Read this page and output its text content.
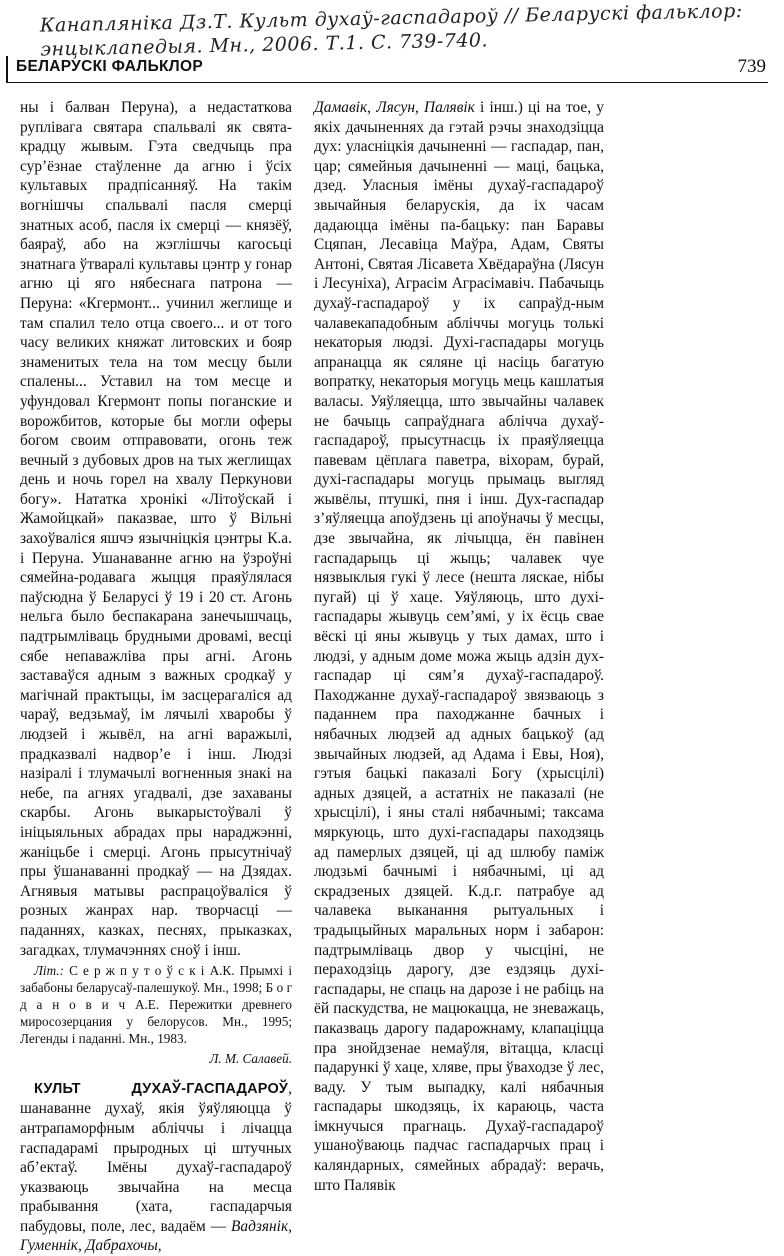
Канапляніка Дз.Т. Культ духаў-гаспадароў // Беларускі фальклор: энцыклапедыя. Мн., 2006. Т.1. С. 739-740.
БЕЛАРУСКІ ФАЛЬКЛОР	739

ны і балван Перуна), а недастаткова руплівага святара спальвалі як свята-крадцу жывым. Гэта сведчыць пра сур’ёзнае стаўленне да агню і ўсіх культавых прадпісанняў. На такім вогнішчы спальвалі пасля смерці знатных асоб, пасля іх смерці — князёў, баяраў, або на жэглішчы кагосьці знатнага ўтваралі культавы цэнтр у гонар агню ці яго нябеснага патрона — Перуна: «Кгермонт... учинил жеглище и там спалил тело отца своего... и от того часу великих княжат литовских и бояр знаменитых тела на том месцу были спалены... Уставил на том месце и уфундовал Кгермонт попы поганские и ворожбитов, которые бы могли оферы богом своим отправовати, огонь теж вечный з дубовых дров на тых жеглищах день и ночь горел на хвалу Перкунови богу». Нататкa хронікі «Літоўскай і Жамойцкай» паказвае, што ў Вільні захоўваліся яшчэ язычніцкія цэнтры К.а. і Перуна. Ушанаванне агню на ўзроўні сямейна-родавага жыцця праяўлялася паўсюдна ў Беларусі ў 19 і 20 ст. Агонь нельга было беспакарана занечышчаць, падтрымліваць брудными дровамі, весці сябе непаважліва пры агні. Агонь заставаўся адным з важных сродкаў у магічнай практыцы, ім засцерагаліся ад чараў, ведзьмаў, ім лячылі хваробы ў людзей і жывёл, на агні варажылі, прадказвалі надвор’е і інш. Людзі назіралі і тлумачылі вогненныя знакі на небе, па агнях угадвалі, дзе захаваны скарбы. Агонь выкарыстоўвалі ў ініцыяльных абрадах пры нараджэнні, жаніцьбе і смерці. Агонь прысутнічаў пры ўшанаванні продкаў — на Дзядах. Агнявыя матывы распрацоўваліся ў розных жанрах нар. творчасці — паданнях, казках, песнях, прыказках, загадках, тлумачэннях сноў і інш.

Літ.: С е р ж п у т о ў с к і А.К. Прымхі і забабоны беларусаў-палешукоў. Мн., 1998; Б о г д а н о в и ч А.Е. Пережитки древнего миросозерцания у белорусов. Мн., 1995; Легенды і паданні. Мн., 1983.

Л. М. Салавей.

КУЛЬТ ДУХАЎ-ГАСПАДАРОЎ, шанаванне духаў, якія ўяўляюцца ў антрапаморфным абліччы і лічацца гаспадарамі прыродных ці штучных аб’ектаў. Імёны духаў-гаспадароў указваюць звычайна на месца прабывання (хата, гаспадарчыя пабудовы, поле, лес, вадаём — Вадзянік, Гуменнік, Дабрахочы,

Дамавік, Лясун, Палявік і інш.) ці на тое, у якіх дачыненнях да гэтай рэчы знаходзіцца дух: уласніцкія дачыненні — гаспадар, пан, цар; сямейныя дачыненні — маці, бацька, дзед. Уласныя імёны духаў-гаспадароў звычайныя беларускія, да іх часам дадаюцца імёны па-бацьку: пан Баравы Сцяпан, Лесавіца Маўра, Адам, Святы Антоні, Святая Лісавета Хвёдараўна (Лясун і Лесуніха), Аграсім Аграсімавіч. Пабачыць духаў-гаспадароў у іх сапраўд-ным чалавекападобным абліччы могуць толькі некаторыя людзі. Духі-гаспадары могуць апранацца як сяляне ці насіць багатую вопратку, некаторыя могуць мець кашлатыя валасы. Уяўляецца, што звычайны чалавек не бачыць сапраўднага аблічча духаў-гаспадароў, прысутнасць іх праяўляецца павевам цёплага паветра, віхорам, бурай, духі-гаспадары могуць прымаць выгляд жывёлы, птушкі, пня і інш. Дух-гаспадар з’яўляецца апоўдзень ці апоўначы ў месцы, дзе звычайна, як лічыцца, ён павінен гаспадарыць ці жыць; чалавек чуе нязвыклыя гукі ў лесе (нешта ляскае, нібы пугай) ці ў хаце. Уяўляюць, што духі-гаспадары жывуць сем’ямі, у іх ёсць свае вёскі ці яны жывуць у тых дамах, што і людзі, у адным доме можа жыць адзін дух-гаспадар ці сям’я духаў-гаспадароў. Паходжанне духаў-гаспадароў звязваюць з паданнем пра паходжанне бачных і нябачных людзей ад адных бацькоў (ад звычайных людзей, ад Адама і Евы, Ноя), гэтыя бацькі паказалі Богу (хрысцілі) адных дзяцей, а астатніх не паказалі (не хрысцілі), і яны сталі нябачнымі; таксама мяркуюць, што духі-гаспадары паходзяць ад памерлых дзяцей, ці ад шлюбу паміж людзьмі бачнымі і нябачнымі, ці ад скрадзеных дзяцей. К.д.г. патрабуе ад чалавека выканання рытуальных і традыцыйных маральных норм і забарон: падтрымліваць двор у чысціні, не пераходзіць дарогу, дзе ездзяць духі-гаспадары, не спаць на дарозе і не рабіць на ёй паскудства, не мацюкацца, не зневажаць, паказваць дарогу падарожнаму, клапаціцца пра знойдзенае немаўля, вітацца, класці падарункі ў хаце, хляве, пры ўваходзе ў лес, ваду. У тым выпадку, калі нябачныя гаспадары шкодзяць, іх караюць, часта імкнучыся прагнаць. Духаў-гаспадароў ушаноўваюць падчас гаспадарчых прац і каляндарных, сямейных абрадаў: верачь, што Палявік
